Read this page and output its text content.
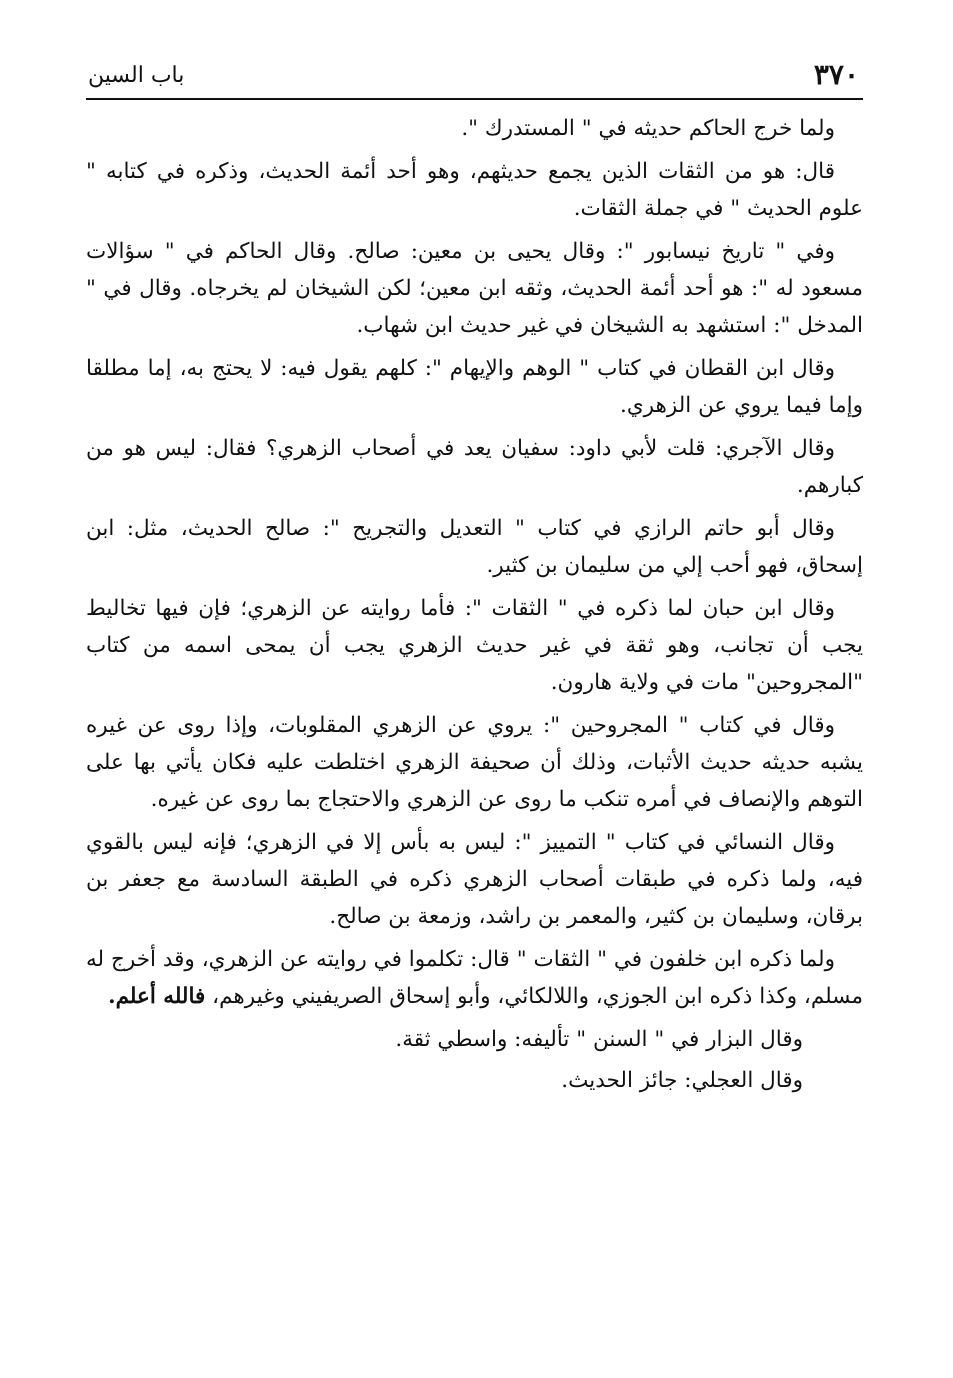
٣٧٠
باب السين

ولما خرج الحاكم حديثه في " المستدرك ".

قال: هو من الثقات الذين يجمع حديثهم، وهو أحد أئمة الحديث، وذكره في كتابه " علوم الحديث " في جملة الثقات.

وفي " تاريخ نيسابور ": وقال يحيى بن معين: صالح. وقال الحاكم في " سؤالات مسعود له ": هو أحد أئمة الحديث، وثقه ابن معين؛ لكن الشيخان لم يخرجاه. وقال في " المدخل ": استشهد به الشيخان في غير حديث ابن شهاب.

وقال ابن القطان في كتاب " الوهم والإيهام ": كلهم يقول فيه: لا يحتج به، إما مطلقا وإما فيما يروي عن الزهري.

وقال الآجري: قلت لأبي داود: سفيان يعد في أصحاب الزهري؟ فقال: ليس هو من كبارهم.

وقال أبو حاتم الرازي في كتاب " التعديل والتجريح ": صالح الحديث، مثل: ابن إسحاق، فهو أحب إلي من سليمان بن كثير.

وقال ابن حبان لما ذكره في " الثقات ": فأما روايته عن الزهري؛ فإن فيها تخاليط يجب أن تجانب، وهو ثقة في غير حديث الزهري يجب أن يمحى اسمه من كتاب "المجروحين" مات في ولاية هارون.

وقال في كتاب " المجروحين ": يروي عن الزهري المقلوبات، وإذا روى عن غيره يشبه حديثه حديث الأثبات، وذلك أن صحيفة الزهري اختلطت عليه فكان يأتي بها على التوهم والإنصاف في أمره تنكب ما روى عن الزهري والاحتجاج بما روى عن غيره.

وقال النسائي في كتاب " التمييز ": ليس به بأس إلا في الزهري؛ فإنه ليس بالقوي فيه، ولما ذكره في طبقات أصحاب الزهري ذكره في الطبقة السادسة مع جعفر بن برقان، وسليمان بن كثير، والمعمر بن راشد، وزمعة بن صالح.

ولما ذكره ابن خلفون في " الثقات " قال: تكلموا في روايته عن الزهري، وقد أخرج له مسلم، وكذا ذكره ابن الجوزي، واللالكائي، وأبو إسحاق الصريفيني وغيرهم، فالله أعلم.

وقال البزار في " السنن " تأليفه: واسطي ثقة.

وقال العجلي: جائز الحديث.
